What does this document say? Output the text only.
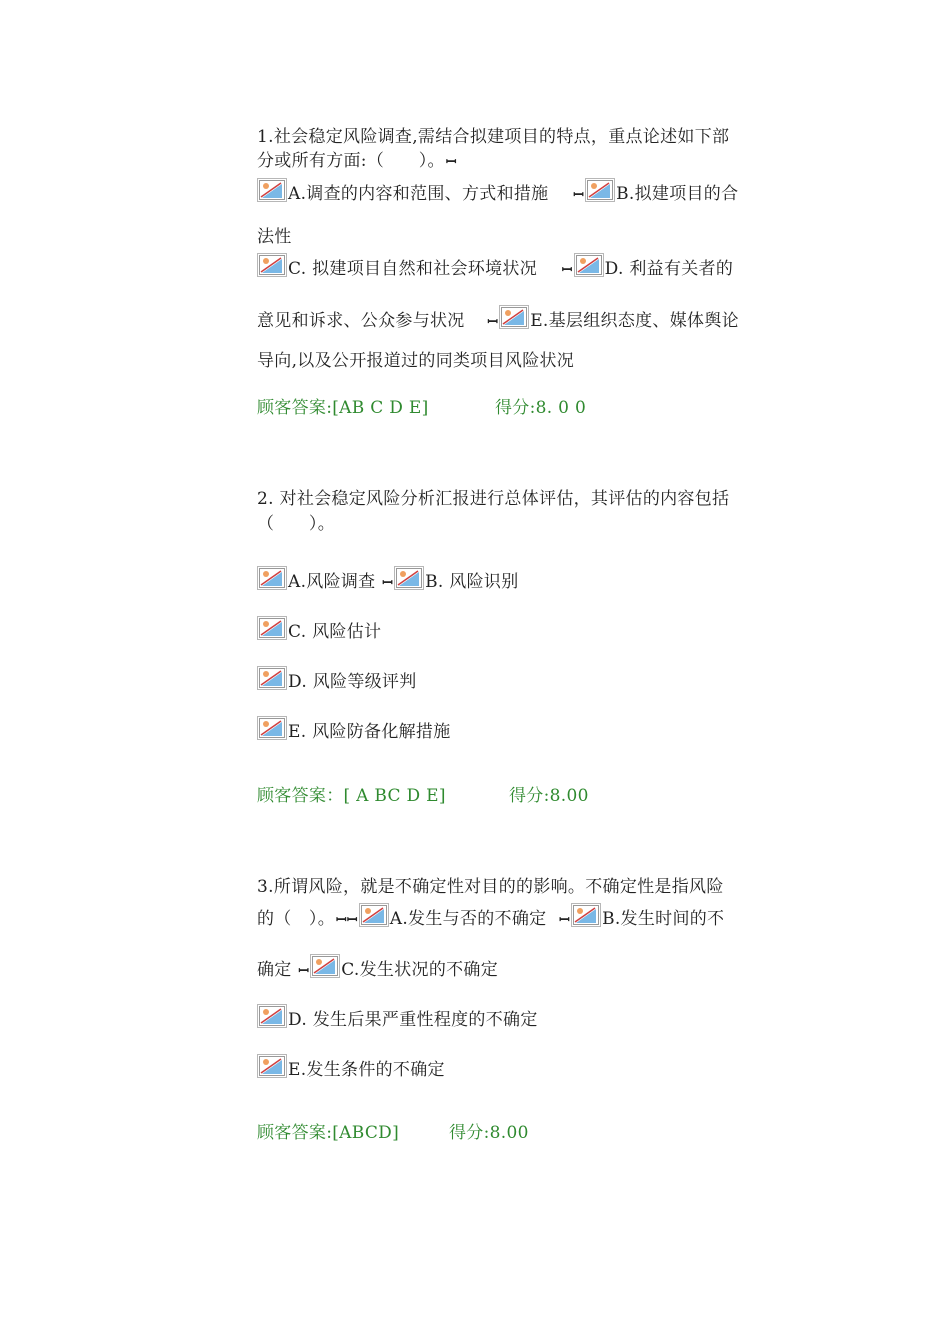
1.社会稳定风险调查,需结合拟建项目的特点，重点论述如下部
分或所有方面:（　　）。ꟷ
A.调查的内容和范围、方式和措施 ꟷ B.拟建项目的合
法性
C. 拟建项目自然和社会环境状况 ꟷ D. 利益有关者的
意见和诉求、公众参与状况 ꟷ E.基层组织态度、媒体舆论
导向,以及公开报道过的同类项目风险状况
顾客答案:[AB C D E]	得分:8. 0 0
2. 对社会稳定风险分析汇报进行总体评估，其评估的内容包括
（　　）。
A.风险调查 ꟷ B. 风险识别
C. 风险估计
D. 风险等级评判
E. 风险防备化解措施
顾客答案：[ A BC D E]	得分:8.00
3.所谓风险，就是不确定性对目的的影响。不确定性是指风险
的（　）。ꟷꟷ A.发生与否的不确定 ꟷ B.发生时间的不
确定 ꟷ C.发生状况的不确定
D. 发生后果严重性程度的不确定
E.发生条件的不确定
顾客答案:[ABCD]	得分:8.00
